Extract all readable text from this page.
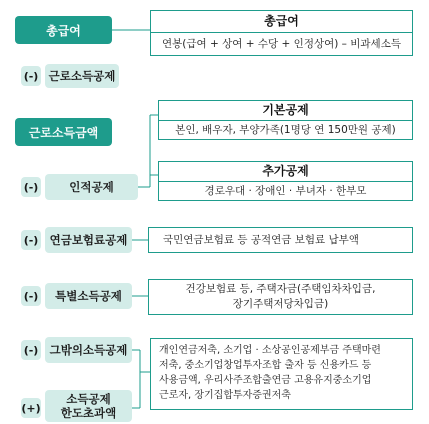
총급여
(-) 근로소득공제
근로소득금액
(-)	인적공제
(-) 연금보험료공제
(-)	특별소득공제
(-) 그밖의소득공제
(+)
소득공제
한도초과액
총급여
연봉(급여 + 상여 + 수당 + 인정상여) – 비과세소득
기본공제
본인, 배우자, 부양가족(1명당 연 150만원 공제)
추가공제
경로우대 · 장애인 · 부녀자 · 한부모
국민연금보험료 등 공적연금 보험료 납부액
건강보험료 등, 주택자금(주택임차차입금,
장기주택저당차입금)
개인연금저축, 소기업 · 소상공인공제부금 주택마련
저축, 중소기업창업투자조합 출자 등 신용카드 등
사용금액, 우리사주조합출연금 고용유지중소기업
근로자, 장기집합투자증권저축
